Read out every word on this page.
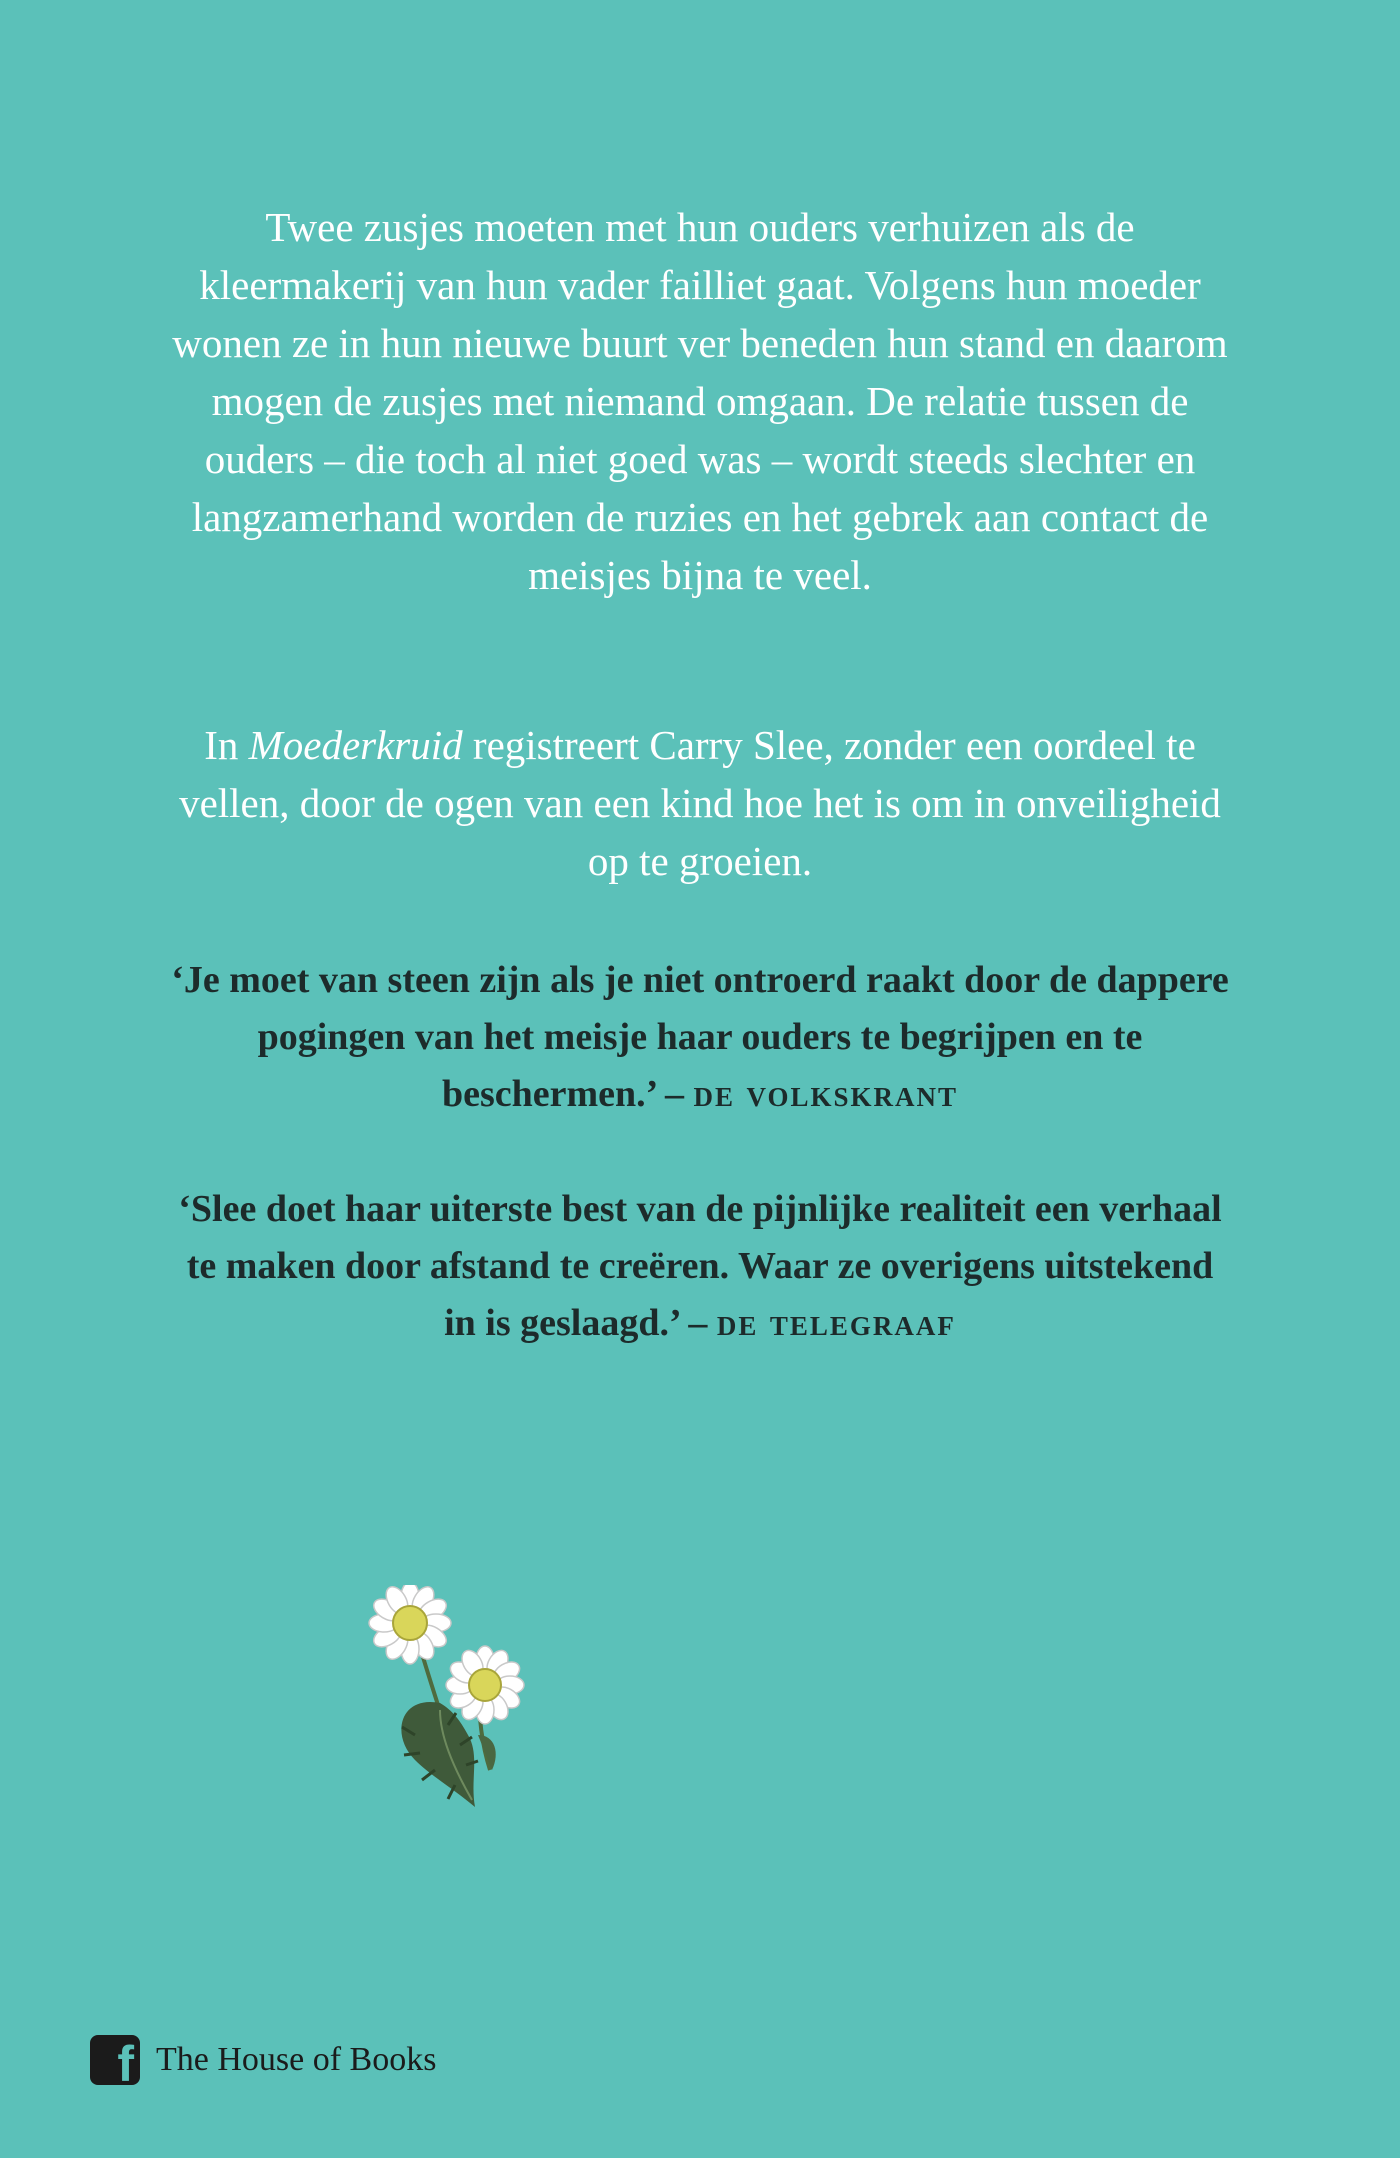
Twee zusjes moeten met hun ouders verhuizen als de kleermakerij van hun vader failliet gaat. Volgens hun moeder wonen ze in hun nieuwe buurt ver beneden hun stand en daarom mogen de zusjes met niemand omgaan. De relatie tussen de ouders – die toch al niet goed was – wordt steeds slechter en langzamerhand worden de ruzies en het gebrek aan contact de meisjes bijna te veel.

In Moederkruid registreert Carry Slee, zonder een oordeel te vellen, door de ogen van een kind hoe het is om in onveiligheid op te groeien.

‘Je moet van steen zijn als je niet ontroerd raakt door de dappere pogingen van het meisje haar ouders te begrijpen en te beschermen.’ – de volkskrant

‘Slee doet haar uiterste best van de pijnlijke realiteit een verhaal te maken door afstand te creëren. Waar ze overigens uitstekend in is geslaagd.’ – de telegraaf

f The House of Books
